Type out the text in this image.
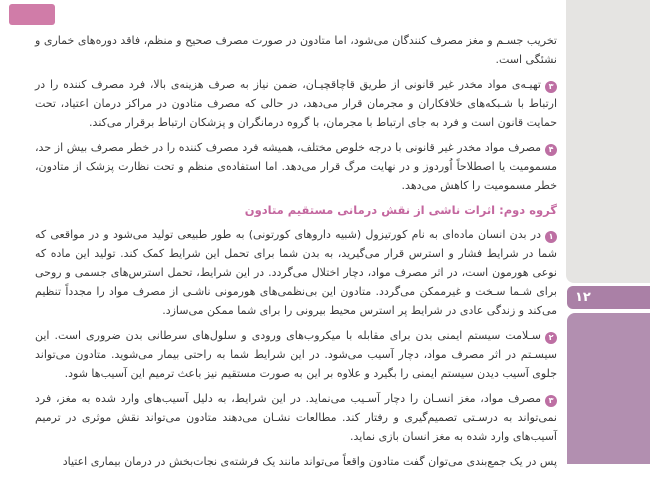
۱۲
مجموعه کتاب‌های همراه
بیمـاران در درمان اعتیاد

تخریب جسـم و مغز مصرف کنندگان می‌شود، اما متادون در صورت مصرف صحیح و منظم، فاقد دوره‌های خماری و نشئگی است.

۳تهیـه‌ی مواد مخدر غیر قانونی از طریق قاچاقچیـان، ضمن نیاز به صرف هزینه‌ی بالا، فرد مصرف کننده را در ارتباط با شـبکه‌های خلافکاران و مجرمان قرار می‌دهد، در حالی که مصرف متادون در مراکز درمان اعتیاد، تحت حمایت قانون است و فرد به جای ارتباط با مجرمان، با گروه درمانگران و پزشکان ارتباط برقرار می‌کند.

۴مصرف مواد مخدر غیر قانونی با درجه خلوص مختلف، همیشه فرد مصرف کننده را در خطر مصرف بیش از حد، مسمومیت یا اصطلاحاً اُوردوز و در نهایت مرگ قرار می‌دهد. اما استفاده‌ی منظم و تحت نظارت پزشک از متادون، خطر مسمومیت را کاهش می‌دهد.

گروه دوم: اثرات ناشی از نقش درمانی مستقیم متادون

۱در بدن انسان ماده‌ای به نام کورتیزول (شبیه داروهای کورتونی) به طور طبیعی تولید می‌شود و در مواقعی که شما در شرایط فشار و استرس قرار می‌گیرید، به بدن شما برای تحمل این شرایط کمک کند. تولید این ماده که نوعی هورمون است، در اثر مصرف مواد، دچار اختلال می‌گردد. در این شرایط، تحمل استرس‌های جسمی و روحی برای شـما سـخت و غیرممکن می‌گردد. متادون این بی‌نظمی‌های هورمونی ناشـی از مصرف مواد را مجدداً تنظیم می‌کند و زندگی عادی در شرایط پر استرس محیط بیرونی را برای شما ممکن می‌سازد.

۲سـلامت سیستم ایمنی بدن برای مقابله با میکروب‌های ورودی و سلول‌های سرطانی بدن ضروری است. این سیسـتم در اثر مصرف مواد، دچار آسیب می‌شود. در این شرایط شما به راحتی بیمار می‌شوید. متادون می‌تواند جلوی آسیب دیدن سیستم ایمنی را بگیرد و علاوه بر این به صورت مستقیم نیز باعث ترمیم این آسیب‌ها شود.

۳مصرف مواد، مغز انسـان را دچار آسـیب می‌نماید. در این شرایط، به دلیل آسیب‌های وارد شده به مغز، فرد نمی‌تواند به درسـتی تصمیم‌گیری و رفتار کند. مطالعات نشـان می‌دهند متادون می‌تواند نقش موثری در ترمیم آسیب‌های وارد شده به مغز انسان بازی نماید.

پس در یک جمع‌بندی می‌توان گفت متادون واقعاً می‌تواند مانند یک فرشته‌ی نجات‌بخش در درمان بیماری اعتیاد
